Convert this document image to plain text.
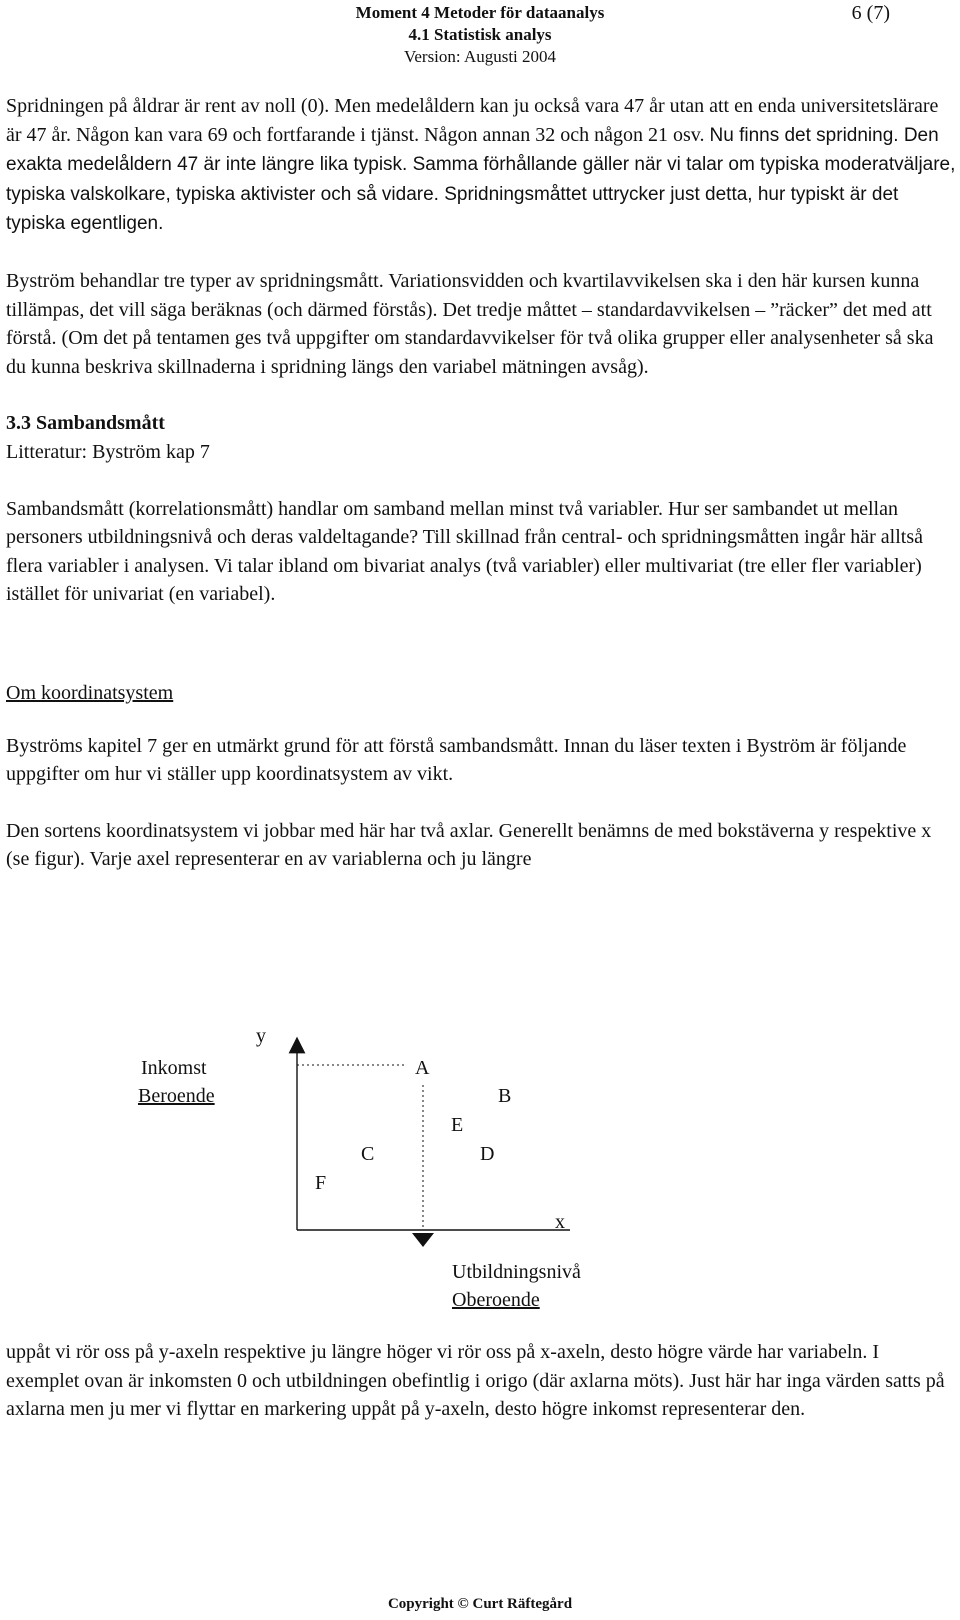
Moment 4 Metoder för dataanalys
4.1 Statistisk analys
Version: Augusti 2004
6 (7)

Spridningen på åldrar är rent av noll (0). Men medelåldern kan ju också vara 47 år utan att en enda universitetslärare är 47 år. Någon kan vara 69 och fortfarande i tjänst. Någon annan 32 och någon 21 osv. Nu finns det spridning. Den exakta medelåldern 47 är inte längre lika typisk. Samma förhållande gäller när vi talar om typiska moderatväljare, typiska valskolkare, typiska aktivister och så vidare. Spridningsmåttet uttrycker just detta, hur typiskt är det typiska egentligen.

Byström behandlar tre typer av spridningsmått. Variationsvidden och kvartilavvikelsen ska i den här kursen kunna tillämpas, det vill säga beräknas (och därmed förstås). Det tredje måttet – standardavvikelsen – ”räcker” det med att förstå. (Om det på tentamen ges två uppgifter om standardavvikelser för två olika grupper eller analysenheter så ska du kunna beskriva skillnaderna i spridning längs den variabel mätningen avsåg).

3.3 Sambandsmått

Litteratur: Byström kap 7

Sambandsmått (korrelationsmått) handlar om samband mellan minst två variabler. Hur ser sambandet ut mellan personers utbildningsnivå och deras valdeltagande? Till skillnad från central- och spridningsmåtten ingår här alltså flera variabler i analysen. Vi talar ibland om bivariat analys (två variabler) eller multivariat (tre eller fler variabler) istället för univariat (en variabel).

Om koordinatsystem

Byströms kapitel 7 ger en utmärkt grund för att förstå sambandsmått. Innan du läser texten i Byström är följande uppgifter om hur vi ställer upp koordinatsystem av vikt.

Den sortens koordinatsystem vi jobbar med här har två axlar. Generellt benämns de med bokstäverna y respektive x (se figur). Varje axel representerar en av variablerna och ju längre

y
x
Inkomst
Beroende
Utbildningsnivå
Oberoende
A
B
C	D
E
F

uppåt vi rör oss på y-axeln respektive ju längre höger vi rör oss på x-axeln, desto högre värde har variabeln. I exemplet ovan är inkomsten 0 och utbildningen obefintlig i origo (där axlarna möts). Just här har inga värden satts på axlarna men ju mer vi flyttar en markering uppåt på y-axeln, desto högre inkomst representerar den.

Copyright © Curt Räftegård
